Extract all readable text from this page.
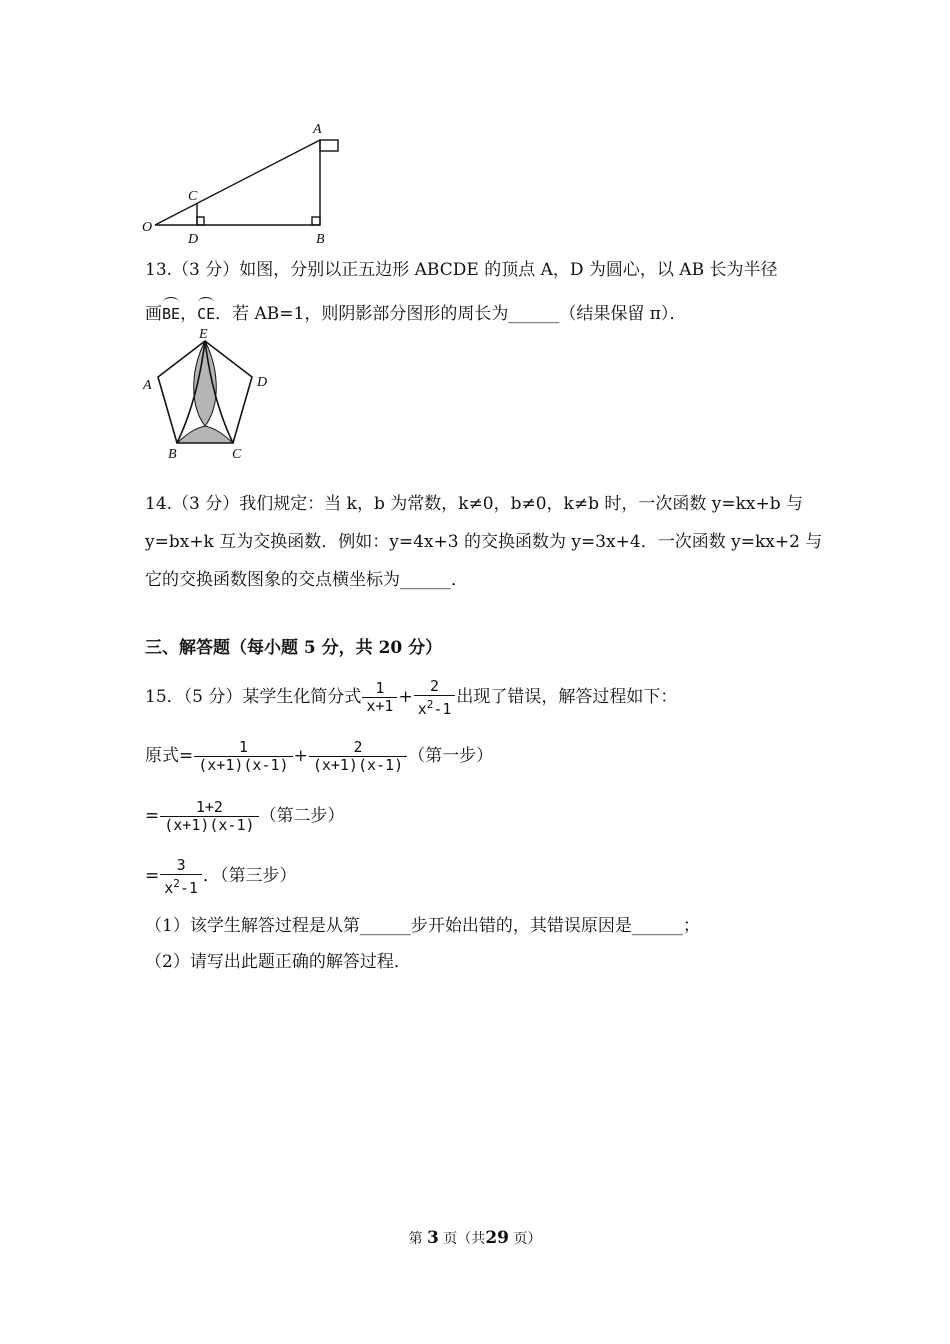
A
C
O
D	B
13.（3 分）如图，分别以正五边形 ABCDE 的顶点 A，D 为圆心，以 AB 长为半径
画BE，CE．若 AB=1，则阴影部分图形的周长为______（结果保留 π）．
E
A	D
B	C
14.（3 分）我们规定：当 k，b 为常数，k≠0，b≠0，k≠b 时，一次函数 y=kx+b 与
y=bx+k 互为交换函数．例如：y=4x+3 的交换函数为 y=3x+4．一次函数 y=kx+2 与
它的交换函数图象的交点横坐标为______．
三、解答题（每小题 5 分，共 20 分）
15．（5 分）某学生化简分式 $\frac{1}{x+1} + \frac{2}{x^2-1}$ 出现了错误，解答过程如下：
原式= $\frac{1}{(x+1)(x-1)} + \frac{2}{(x+1)(x-1)}$ （第一步）
= $\frac{1+2}{(x+1)(x-1)}$ （第二步）
= $\frac{3}{x^2-1}$ ．（第三步）
（1）该学生解答过程是从第______步开始出错的，其错误原因是______；
（2）请写出此题正确的解答过程．
第 3 页（共29 页）
